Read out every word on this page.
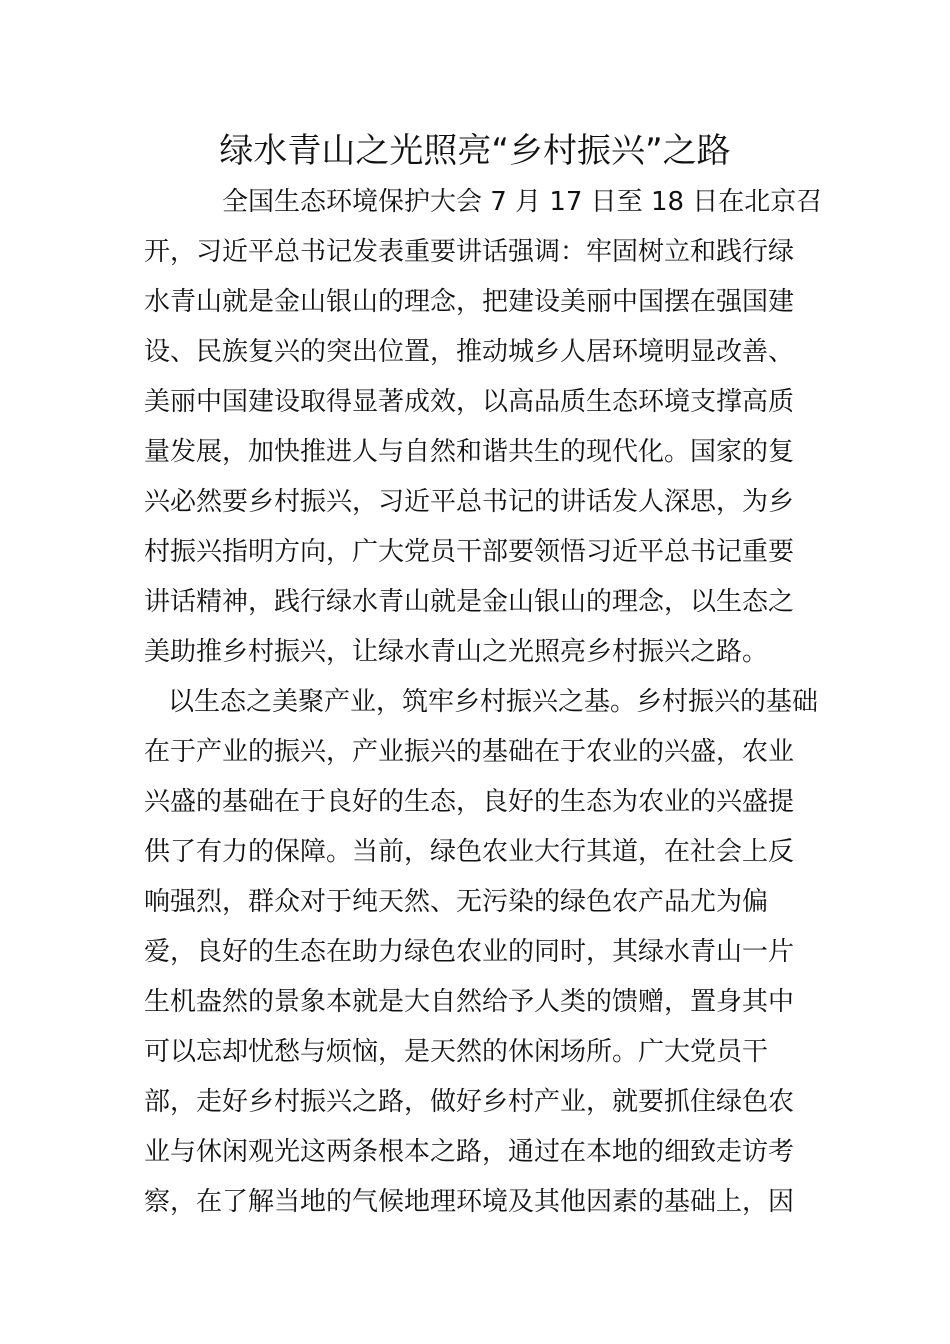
绿水青山之光照亮“乡村振兴”之路

全国生态环境保护大会 7 月 17 日至 18 日在北京召
开，习近平总书记发表重要讲话强调：牢固树立和践行绿
水青山就是金山银山的理念，把建设美丽中国摆在强国建
设、民族复兴的突出位置，推动城乡人居环境明显改善、
美丽中国建设取得显著成效，以高品质生态环境支撑高质
量发展，加快推进人与自然和谐共生的现代化。国家的复
兴必然要乡村振兴，习近平总书记的讲话发人深思，为乡
村振兴指明方向，广大党员干部要领悟习近平总书记重要
讲话精神，践行绿水青山就是金山银山的理念，以生态之
美助推乡村振兴，让绿水青山之光照亮乡村振兴之路。

以生态之美聚产业，筑牢乡村振兴之基。乡村振兴的基础
在于产业的振兴，产业振兴的基础在于农业的兴盛，农业
兴盛的基础在于良好的生态，良好的生态为农业的兴盛提
供了有力的保障。当前，绿色农业大行其道，在社会上反
响强烈，群众对于纯天然、无污染的绿色农产品尤为偏
爱，良好的生态在助力绿色农业的同时，其绿水青山一片
生机盎然的景象本就是大自然给予人类的馈赠，置身其中
可以忘却忧愁与烦恼，是天然的休闲场所。广大党员干
部，走好乡村振兴之路，做好乡村产业，就要抓住绿色农
业与休闲观光这两条根本之路，通过在本地的细致走访考
察，在了解当地的气候地理环境及其他因素的基础上，因
